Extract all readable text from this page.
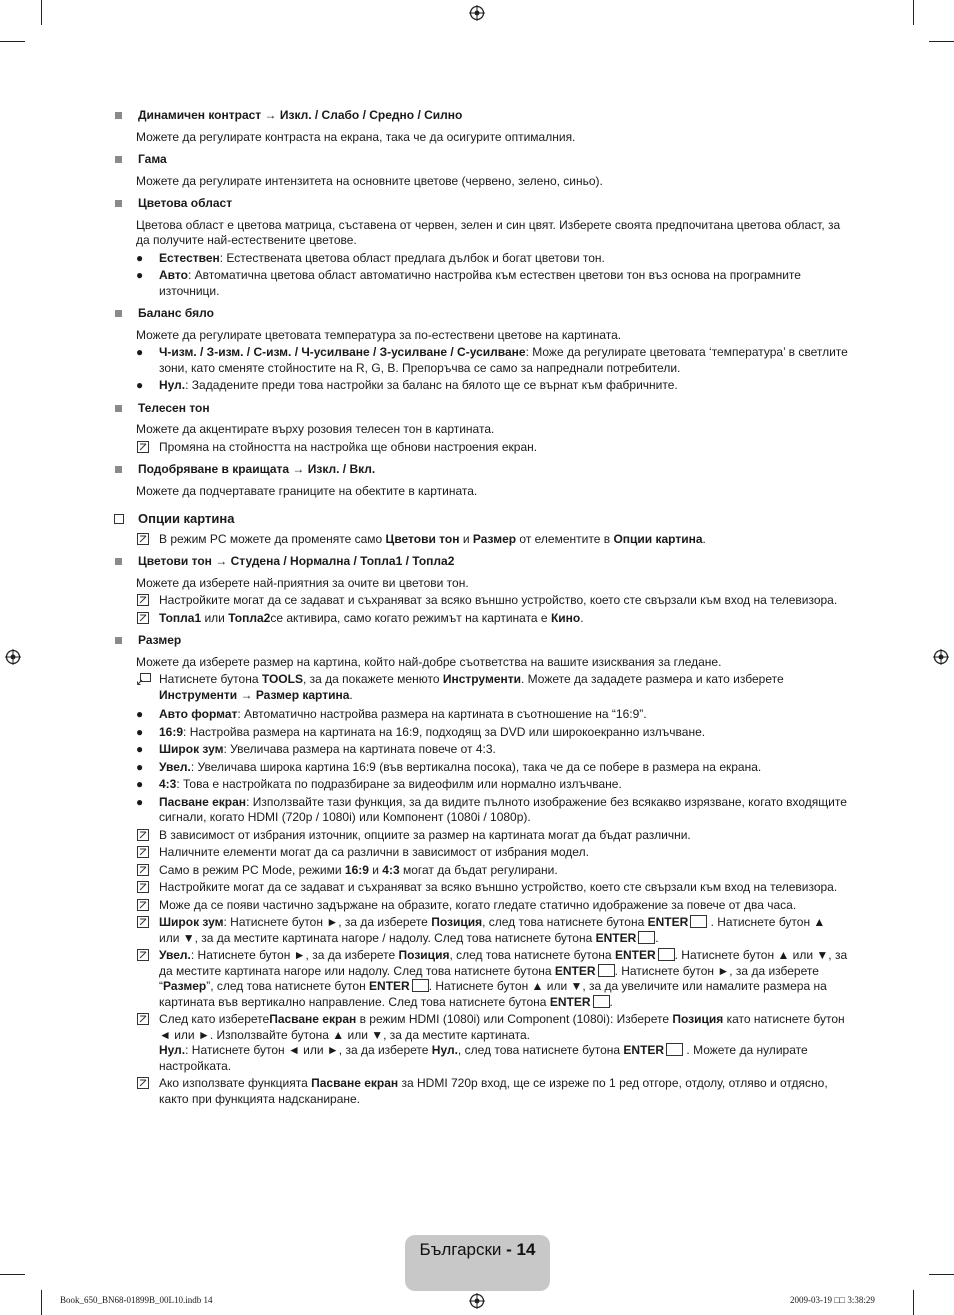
Динамичен контраст → Изкл. / Слабо / Средно / Силно
Можете да регулирате контраста на екрана, така че да осигурите оптималния.
Гама
Можете да регулирате интензитета на основните цветове (червено, зелено, синьо).
Цветова област
Цветова област е цветова матрица, съставена от червен, зелен и син цвят. Изберете своята предпочитана цветова област, за да получите най-естествените цветове.
●	Естествен: Естествената цветова област предлага дълбок и богат цветови тон.
●	Авто: Автоматична цветова област автоматично настройва към естествен цветови тон въз основа на програмните източници.
Баланс бяло
Можете да регулирате цветовата температура за по-естествени цветове на картината.
●	Ч-изм. / З-изм. / С-изм. / Ч-усилване / З-усилване / С-усилване: Може да регулирате цветовата ‘температура’ в светлите зони, като сменяте стойностите на R, G, B. Препоръчва се само за напреднали потребители.
●	Нул.: Зададените преди това настройки за баланс на бялото ще се върнат към фабричните.
Телесен тон
Можете да акцентирате върху розовия телесен тон в картината.
Промяна на стойността на настройка ще обнови настроения екран.
Подобряване в краищата → Изкл. / Вкл.
Можете да подчертавате границите на обектите в картината.
Опции картина
В режим PC можете да променяте само Цветови тон и Размер от елементите в Опции картина.
Цветови тон → Студена / Нормална / Топла1 / Топла2
Можете да изберете най-приятния за очите ви цветови тон.
Настройките могат да се задават и съхраняват за всяко външно устройство, което сте свързали към вход на телевизора.
Топла1 или Топла2се активира, само когато режимът на картината е Кино.
Размер
Можете да изберете размер на картина, който най-добре съответства на вашите изисквания за гледане.
Натиснете бутона TOOLS, за да покажете менюто Инструменти. Можете да зададете размера и като изберете Инструменти → Размер картина.
●	Авто формат: Автоматично настройва размера на картината в съотношение на “16:9”.
●	16:9: Настройва размера на картината на 16:9, подходящ за DVD или широкоекранно излъчване.
●	Широк зум: Увеличава размера на картината повече от 4:3.
●	Увел.: Увеличава широка картина 16:9 (във вертикална посока), така че да се побере в размера на екрана.
●	4:3: Това е настройката по подразбиране за видеофилм или нормално излъчване.
●	Пасване екран: Използвайте тази функция, за да видите пълното изображение без всякакво изрязване, когато входящите сигнали, когато HDMI (720p / 1080i) или Компонент (1080i / 1080p).
В зависимост от избрания източник, опциите за размер на картината могат да бъдат различни.
Наличните елементи могат да са различни в зависимост от избрания модел.
Само в режим PC Mode, режими 16:9 и 4:3 могат да бъдат регулирани.
Настройките могат да се задават и съхраняват за всяко външно устройство, което сте свързали към вход на телевизора.
Може да се появи частично задържане на образите, когато гледате статично идображение за повече от два часа.
Широк зум: Натиснете бутон ►, за да изберете Позиция, след това натиснете бутона ENTER . Натиснете бутон ▲ или ▼, за да местите картината нагоре / надолу. След това натиснете бутона ENTER .
Увел.: Натиснете бутон ►, за да изберете Позиция, след това натиснете бутона ENTER . Натиснете бутон ▲ или ▼, за да местите картината нагоре или надолу. След това натиснете бутона ENTER . Натиснете бутон ►, за да изберете “Размер”, след това натиснете бутон ENTER . Натиснете бутон ▲ или ▼, за да увеличите или намалите размера на картината във вертикално направление. След това натиснете бутона ENTER .
След като изберетеПасване екран в режим HDMI (1080i) или Component (1080i): Изберете Позиция като натиснете бутон ◄ или ►. Използвайте бутона ▲ или ▼, за да местите картината.
Нул.: Натиснете бутон ◄ или ►, за да изберете Нул., след това натиснете бутона ENTER . Можете да нулирате настройката.
Ако използвате функцията Пасване екран за HDMI 720p вход, ще се изреже по 1 ред отгоре, отдолу, отляво и отдясно, както при функцията надсканиране.
Български - 14
Book_650_BN68-01899B_00L10.indb 14	2009-03-19 □□ 3:38:29
